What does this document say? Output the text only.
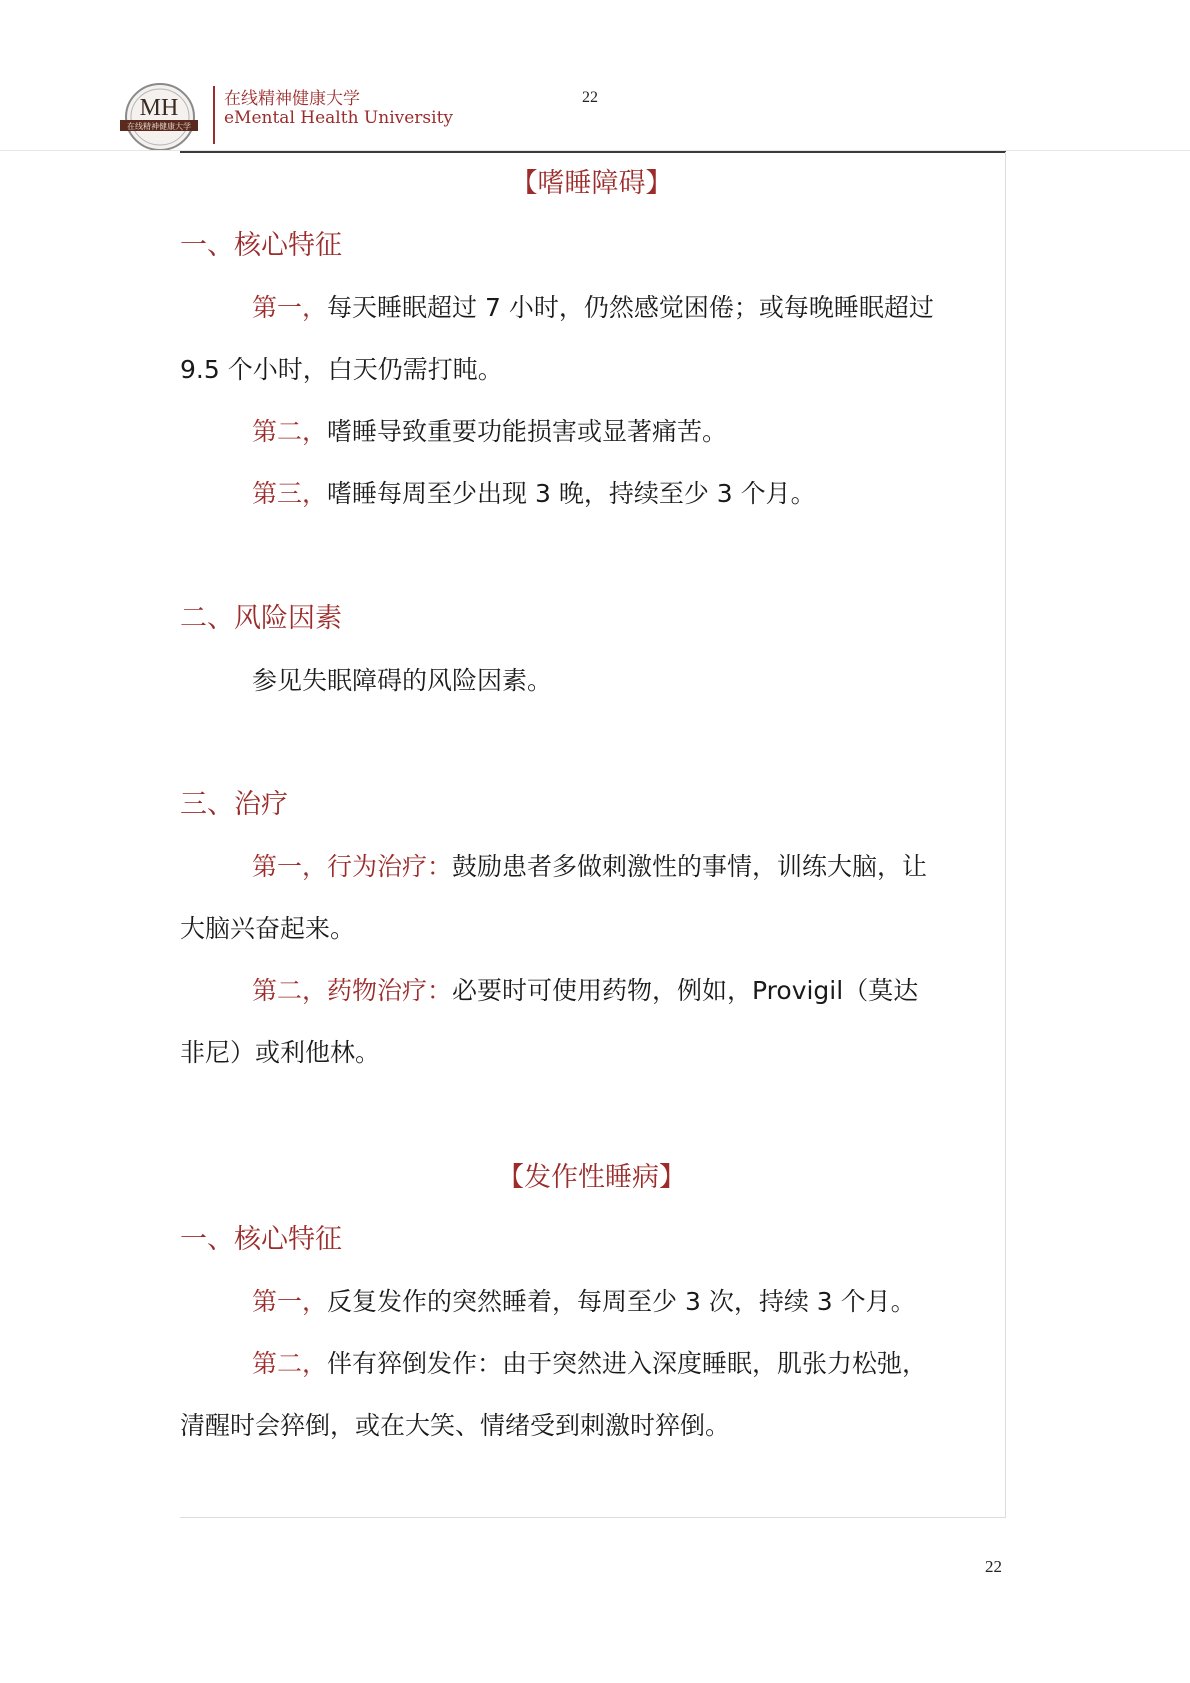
MH
在线精神健康大学
在线精神健康大学
eMental Health University
22
【嗜睡障碍】
一、核心特征
第一，每天睡眠超过 7 小时，仍然感觉困倦；或每晚睡眠超过
9.5 个小时，白天仍需打盹。
第二，嗜睡导致重要功能损害或显著痛苦。
第三，嗜睡每周至少出现 3 晚，持续至少 3 个月。
二、风险因素
参见失眠障碍的风险因素。
三、治疗
第一，行为治疗：鼓励患者多做刺激性的事情，训练大脑，让
大脑兴奋起来。
第二，药物治疗：必要时可使用药物，例如，Provigil（莫达
非尼）或利他林。
【发作性睡病】
一、核心特征
第一，反复发作的突然睡着，每周至少 3 次，持续 3 个月。
第二，伴有猝倒发作：由于突然进入深度睡眠，肌张力松弛，
清醒时会猝倒，或在大笑、情绪受到刺激时猝倒。
22
